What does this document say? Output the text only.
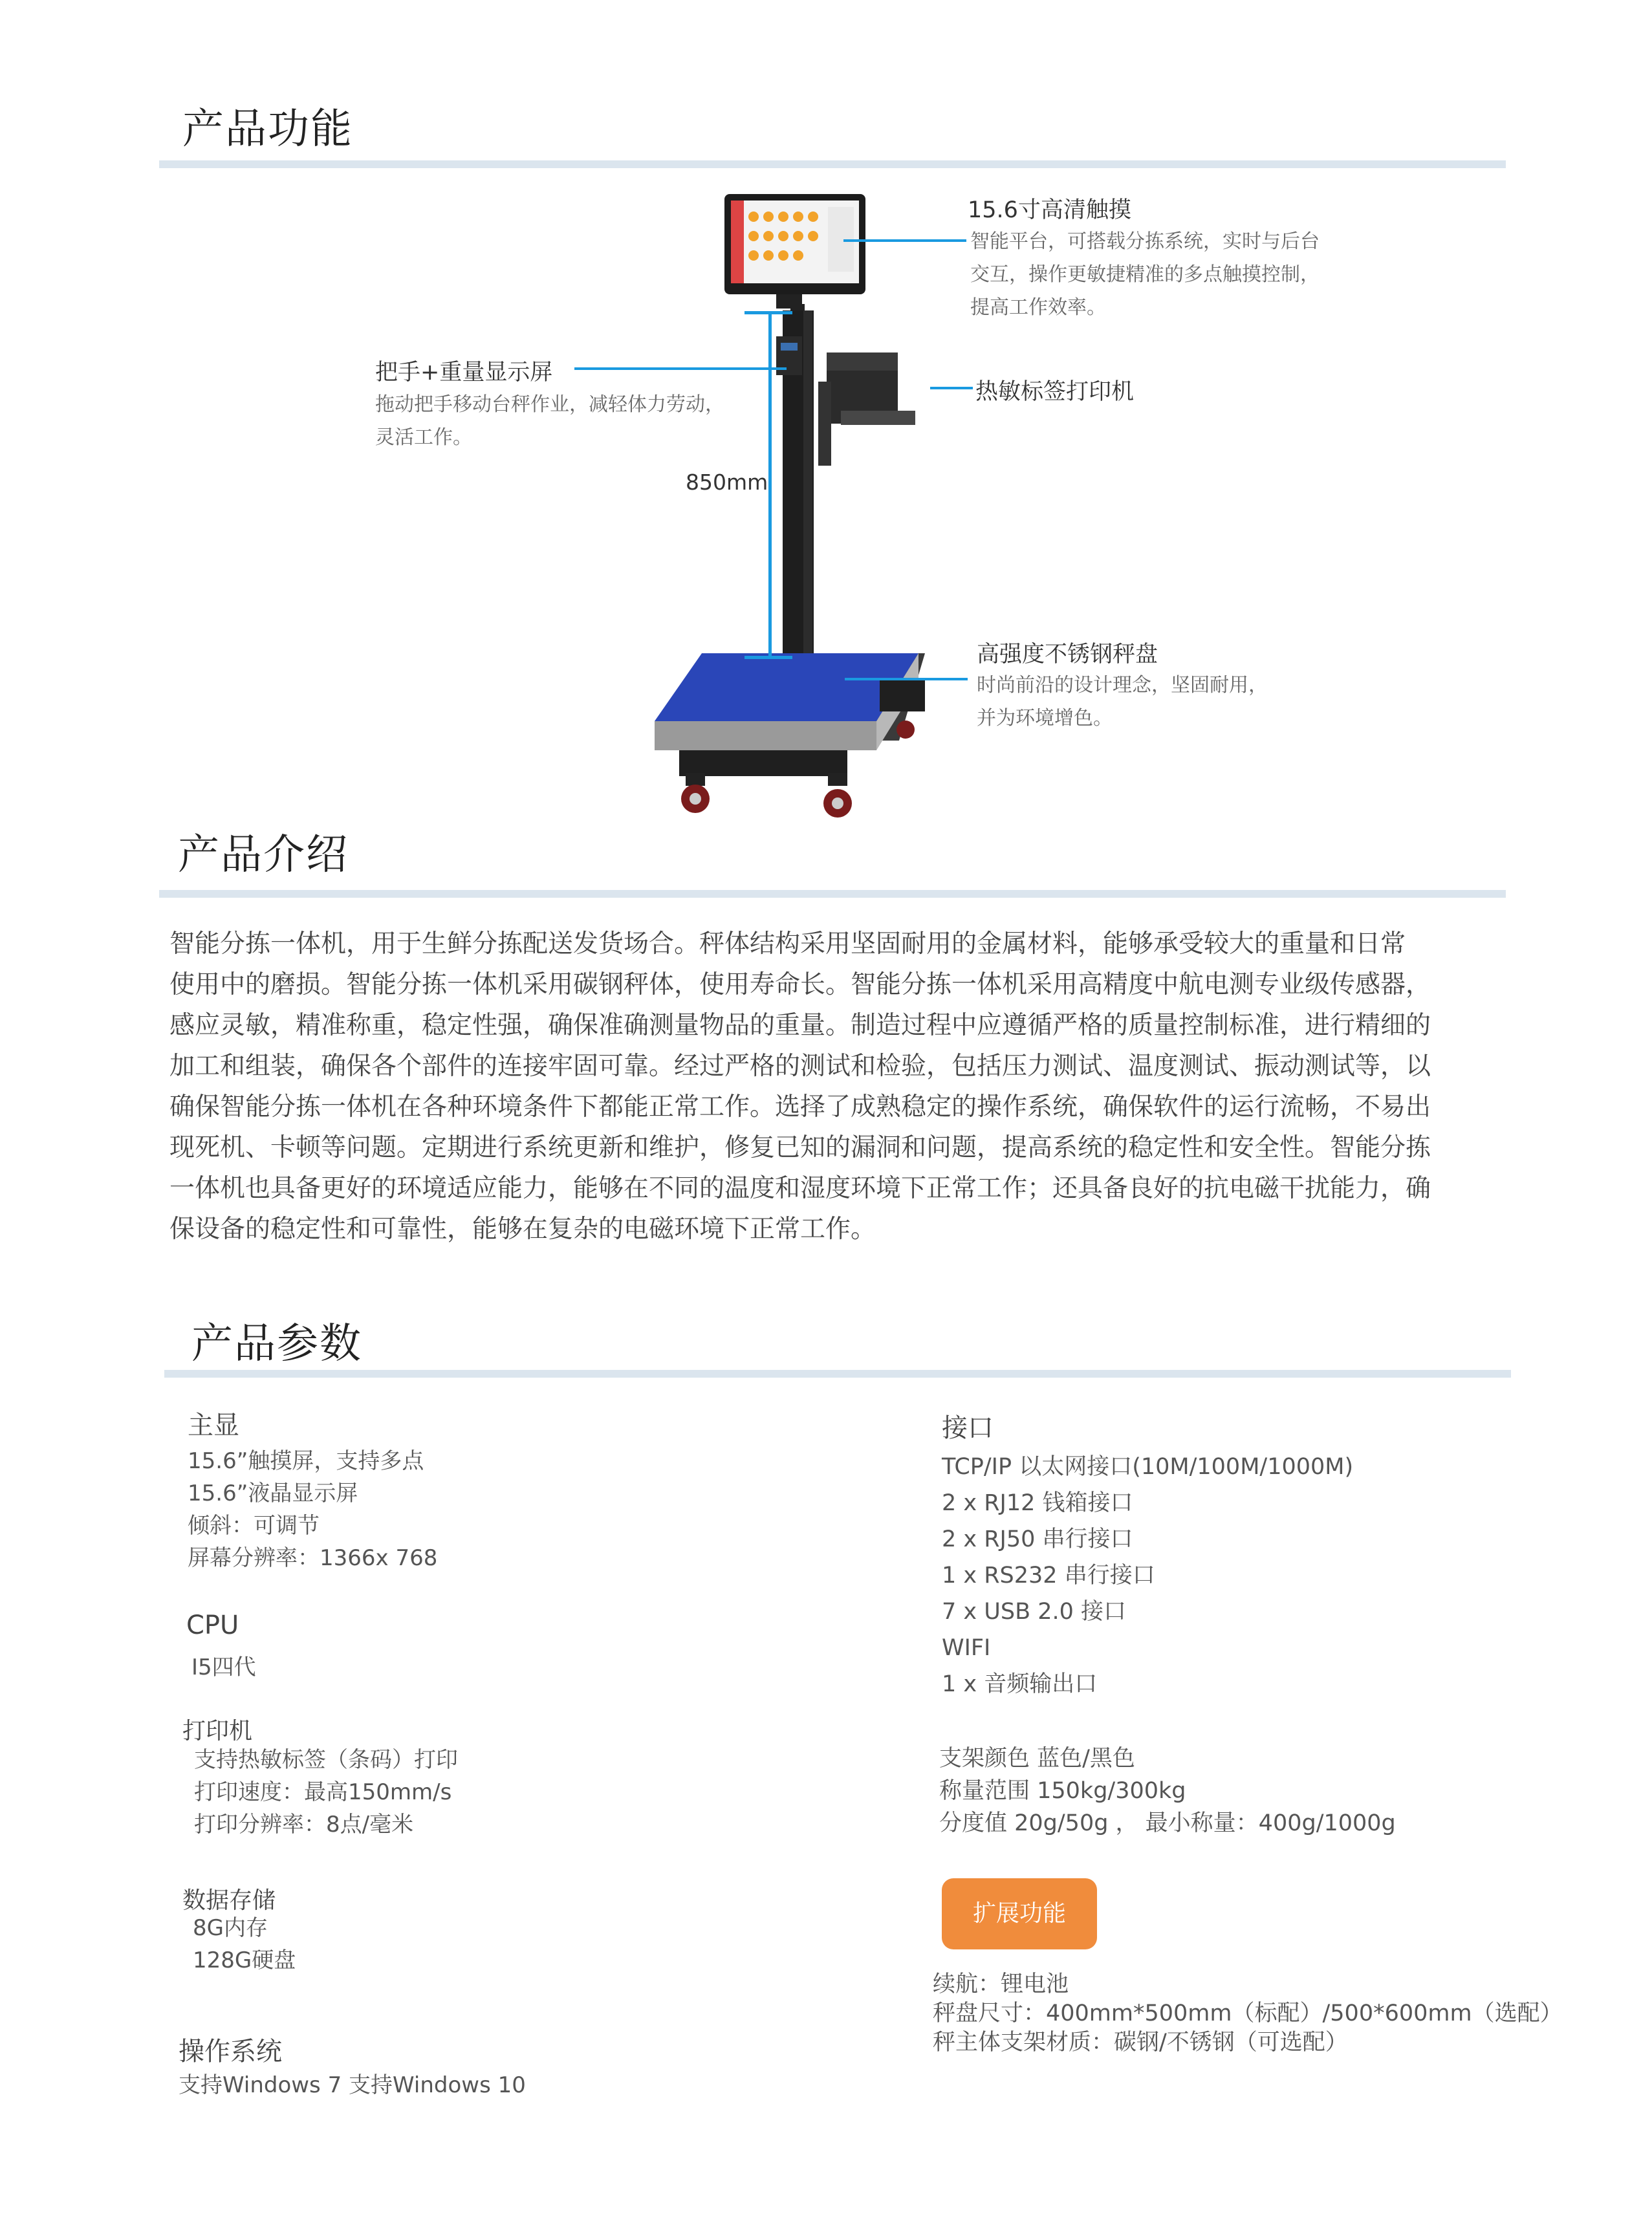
产品功能
850mm
15.6寸高清触摸
智能平台，可搭载分拣系统，实时与后台
交互，操作更敏捷精准的多点触摸控制，
提高工作效率。
把手+重量显示屏
拖动把手移动台秤作业，减轻体力劳动，
灵活工作。
热敏标签打印机
高强度不锈钢秤盘
时尚前沿的设计理念，坚固耐用，
并为环境增色。
产品介绍
智能分拣一体机，用于生鲜分拣配送发货场合。秤体结构采用坚固耐用的金属材料，能够承受较大的重量和日常
使用中的磨损。智能分拣一体机采用碳钢秤体，使用寿命长。智能分拣一体机采用高精度中航电测专业级传感器，
感应灵敏，精准称重，稳定性强，确保准确测量物品的重量。制造过程中应遵循严格的质量控制标准，进行精细的
加工和组装，确保各个部件的连接牢固可靠。经过严格的测试和检验，包括压力测试、温度测试、振动测试等，以
确保智能分拣一体机在各种环境条件下都能正常工作。选择了成熟稳定的操作系统，确保软件的运行流畅，不易出
现死机、卡顿等问题。定期进行系统更新和维护，修复已知的漏洞和问题，提高系统的稳定性和安全性。智能分拣
一体机也具备更好的环境适应能力，能够在不同的温度和湿度环境下正常工作；还具备良好的抗电磁干扰能力，确
保设备的稳定性和可靠性，能够在复杂的电磁环境下正常工作。
产品参数
主显
15.6”触摸屏，支持多点
15.6”液晶显示屏
倾斜：可调节
屏幕分辨率：1366x 768
CPU
I5四代
打印机
支持热敏标签（条码）打印
打印速度：最高150mm/s
打印分辨率：8点/毫米
数据存储
8G内存
128G硬盘
操作系统
支持Windows 7 支持Windows 10
接口
TCP/IP 以太网接口(10M/100M/1000M)
2 x RJ12 钱箱接口
2 x RJ50 串行接口
1 x RS232 串行接口
7 x USB 2.0 接口
WIFI
1 x 音频输出口
支架颜色 蓝色/黑色
称量范围 150kg/300kg
分度值 20g/50g ， 最小称量：400g/1000g
扩展功能
续航：锂电池
秤盘尺寸：400mm*500mm（标配）/500*600mm（选配）
秤主体支架材质：碳钢/不锈钢（可选配）
